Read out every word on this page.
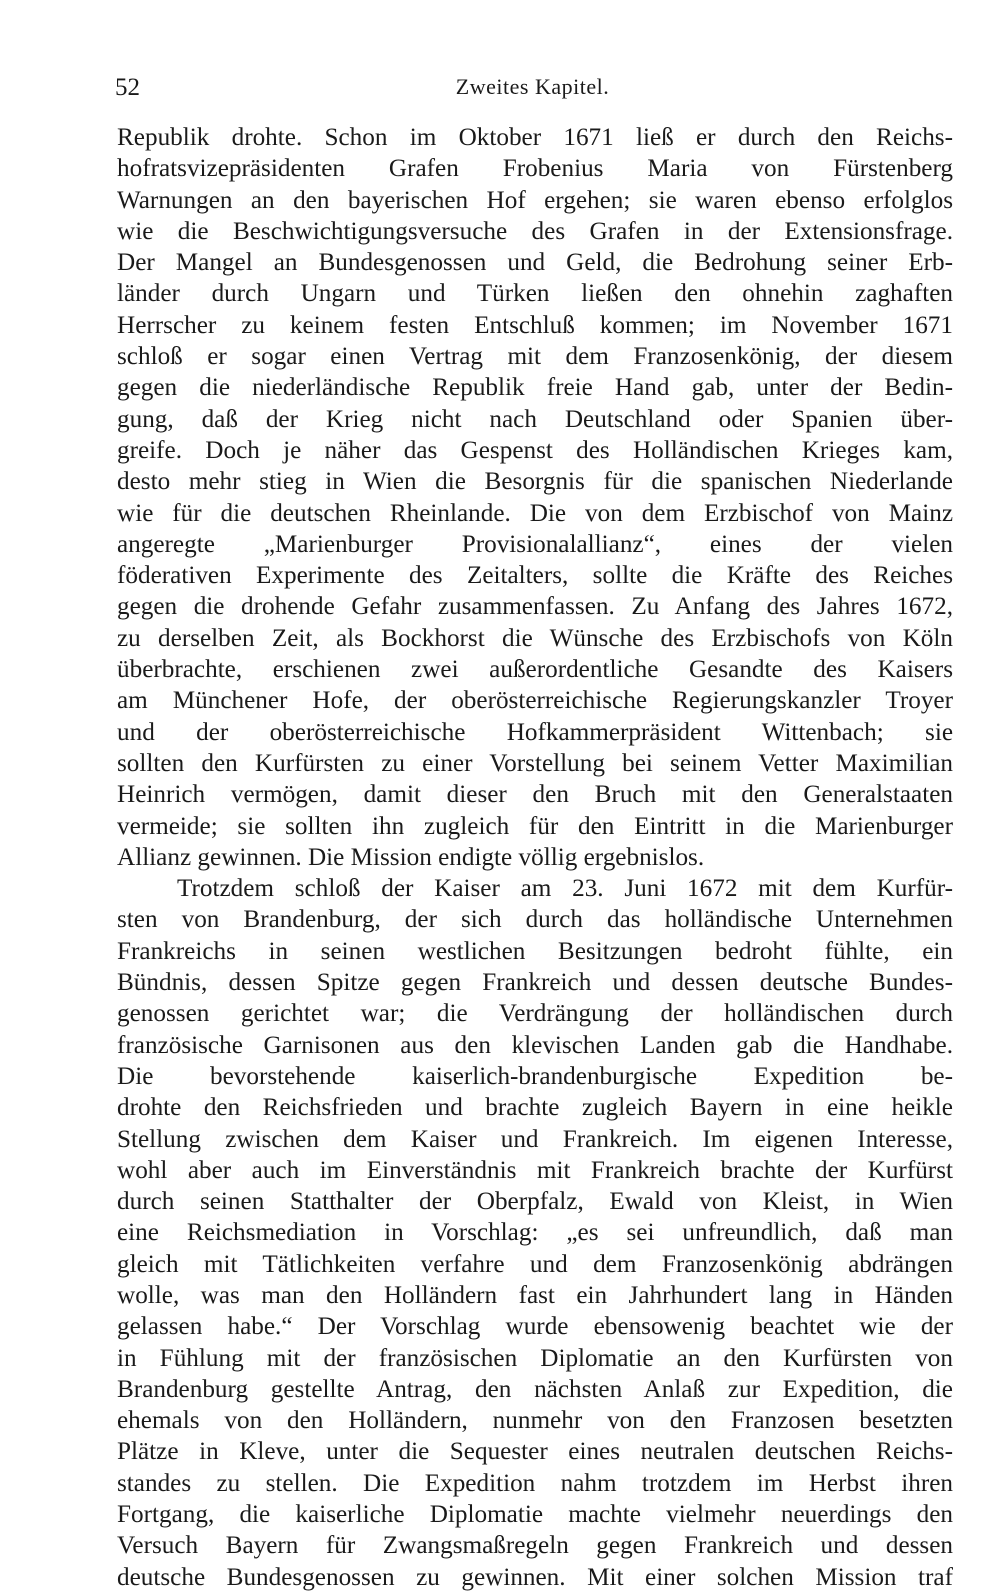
52	Zweites Kapitel.
Republik drohte. Schon im Oktober 1671 ließ er durch den Reichs-
hofratsvizepräsidenten Grafen Frobenius Maria von Fürstenberg
Warnungen an den bayerischen Hof ergehen; sie waren ebenso erfolglos
wie die Beschwichtigungsversuche des Grafen in der Extensionsfrage.
Der Mangel an Bundesgenossen und Geld, die Bedrohung seiner Erb-
länder durch Ungarn und Türken ließen den ohnehin zaghaften
Herrscher zu keinem festen Entschluß kommen; im November 1671
schloß er sogar einen Vertrag mit dem Franzosenkönig, der diesem
gegen die niederländische Republik freie Hand gab, unter der Bedin-
gung, daß der Krieg nicht nach Deutschland oder Spanien über-
greife. Doch je näher das Gespenst des Holländischen Krieges kam,
desto mehr stieg in Wien die Besorgnis für die spanischen Niederlande
wie für die deutschen Rheinlande. Die von dem Erzbischof von Mainz
angeregte „Marienburger Provisionalallianz“, eines der vielen
föderativen Experimente des Zeitalters, sollte die Kräfte des Reiches
gegen die drohende Gefahr zusammenfassen. Zu Anfang des Jahres 1672,
zu derselben Zeit, als Bockhorst die Wünsche des Erzbischofs von Köln
überbrachte, erschienen zwei außerordentliche Gesandte des Kaisers
am Münchener Hofe, der oberösterreichische Regierungskanzler Troyer
und der oberösterreichische Hofkammerpräsident Wittenbach; sie
sollten den Kurfürsten zu einer Vorstellung bei seinem Vetter Maximilian
Heinrich vermögen, damit dieser den Bruch mit den Generalstaaten
vermeide; sie sollten ihn zugleich für den Eintritt in die Marienburger
Allianz gewinnen. Die Mission endigte völlig ergebnislos.
Trotzdem schloß der Kaiser am 23. Juni 1672 mit dem Kurfür-
sten von Brandenburg, der sich durch das holländische Unternehmen
Frankreichs in seinen westlichen Besitzungen bedroht fühlte, ein
Bündnis, dessen Spitze gegen Frankreich und dessen deutsche Bundes-
genossen gerichtet war; die Verdrängung der holländischen durch
französische Garnisonen aus den klevischen Landen gab die Handhabe.
Die bevorstehende kaiserlich-brandenburgische Expedition be-
drohte den Reichsfrieden und brachte zugleich Bayern in eine heikle
Stellung zwischen dem Kaiser und Frankreich. Im eigenen Interesse,
wohl aber auch im Einverständnis mit Frankreich brachte der Kurfürst
durch seinen Statthalter der Oberpfalz, Ewald von Kleist, in Wien
eine Reichsmediation in Vorschlag: „es sei unfreundlich, daß man
gleich mit Tätlichkeiten verfahre und dem Franzosenkönig abdrängen
wolle, was man den Holländern fast ein Jahrhundert lang in Händen
gelassen habe.“ Der Vorschlag wurde ebensowenig beachtet wie der
in Fühlung mit der französischen Diplomatie an den Kurfürsten von
Brandenburg gestellte Antrag, den nächsten Anlaß zur Expedition, die
ehemals von den Holländern, nunmehr von den Franzosen besetzten
Plätze in Kleve, unter die Sequester eines neutralen deutschen Reichs-
standes zu stellen. Die Expedition nahm trotzdem im Herbst ihren
Fortgang, die kaiserliche Diplomatie machte vielmehr neuerdings den
Versuch Bayern für Zwangsmaßregeln gegen Frankreich und dessen
deutsche Bundesgenossen zu gewinnen. Mit einer solchen Mission traf
